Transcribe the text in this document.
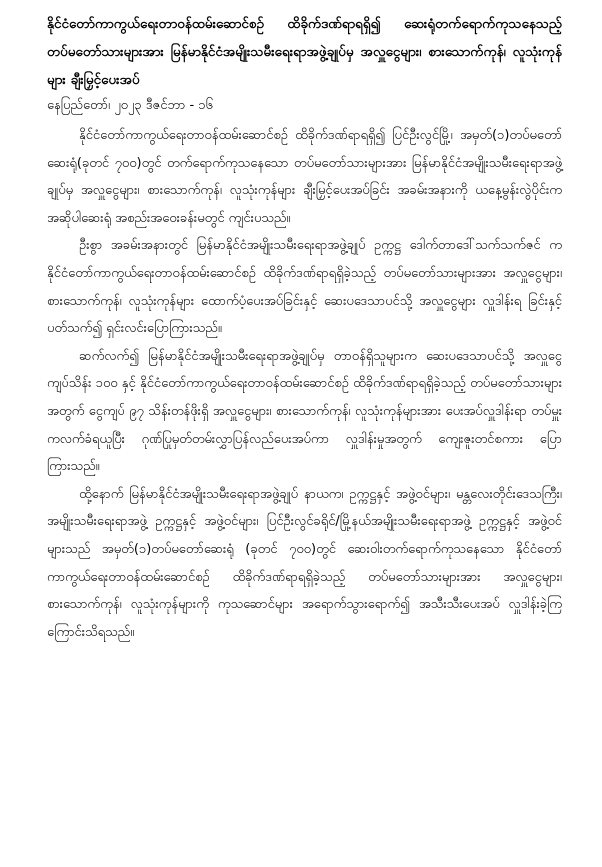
နိုင်ငံတော်ကာကွယ်ရေးတာဝန်ထမ်းဆောင်စဉ် ထိခိုက်ဒဏ်ရာရရှိ၍ ဆေးရုံတက်ရောက်ကုသနေသည့် တပ်မတော်သားများအား မြန်မာနိုင်ငံအမျိုးသမီးရေးရာအဖွဲ့ချုပ်မှ အလှူငွေများ၊ စားသောက်ကုန်၊ လူသုံးကုန်များ ချီးမြှင့်ပေးအပ်
နေပြည်တော်၊ ၂၀၂၃ ဒီဇင်ဘာ - ၁၆

နိုင်ငံတော်ကာကွယ်ရေးတာဝန်ထမ်းဆောင်စဉ် ထိခိုက်ဒဏ်ရာရရှိ၍ ပြင်ဦးလွင်မြို့၊ အမှတ်(၁)တပ်မတော်ဆေးရုံ(ခုတင် ၇၀၀)တွင် တက်ရောက်ကုသနေသော တပ်မတော်သားများအား မြန်မာနိုင်ငံအမျိုးသမီးရေးရာအဖွဲ့ချုပ်မှ အလှူငွေများ၊ စားသောက်ကုန်၊ လူသုံးကုန်များ ချီးမြှင့်ပေးအပ်ခြင်း အခမ်းအနားကို ယနေ့မွန်းလွဲပိုင်းက အဆိုပါဆေးရုံ အစည်းအဝေးခန်းမတွင် ကျင်းပသည်။

ဦးစွာ အခမ်းအနားတွင် မြန်မာနိုင်ငံအမျိုးသမီးရေးရာအဖွဲ့ချုပ် ဥက္ကဋ္ဌ ဒေါက်တာဒေါ်သက်သက်ဇင် က နိုင်ငံတော်ကာကွယ်ရေးတာဝန်ထမ်းဆောင်စဉ် ထိခိုက်ဒဏ်ရာရရှိခဲ့သည့် တပ်မတော်သားများအား အလှူငွေများ၊ စားသောက်ကုန်၊ လူသုံးကုန်များ ထောက်ပံ့ပေးအပ်ခြင်းနှင့် ဆေးပဒေသာပင်သို့ အလှူငွေများ လှူဒါန်းရ ခြင်းနှင့်ပတ်သက်၍ ရှင်းလင်းပြောကြားသည်။

ဆက်လက်၍ မြန်မာနိုင်ငံအမျိုးသမီးရေးရာအဖွဲ့ချုပ်မှ တာဝန်ရှိသူများက ဆေးပဒေသာပင်သို့ အလှူငွေကျပ်သိန်း ၁၀၀ နှင့် နိုင်ငံတော်ကာကွယ်ရေးတာဝန်ထမ်းဆောင်စဉ် ထိခိုက်ဒဏ်ရာရရှိခဲ့သည့် တပ်မတော်သားများအတွက် ငွေကျပ် ၉၇ သိန်းတန်ဖိုးရှိ အလှူငွေများ၊ စားသောက်ကုန်၊ လူသုံးကုန်များအား ပေးအပ်လှူဒါန်းရာ တပ်မှူးကလက်ခံရယူပြီး ဂုဏ်ပြုမှတ်တမ်းလွှာပြန်လည်ပေးအပ်ကာ လှူဒါန်းမှုအတွက် ကျေးဇူးတင်စကား ပြောကြားသည်။

ထို့နောက် မြန်မာနိုင်ငံအမျိုးသမီးရေးရာအဖွဲ့ချုပ် နာယက၊ ဥက္ကဋ္ဌနှင့် အဖွဲ့ဝင်များ၊ မန္တလေးတိုင်းဒေသကြီး၊ အမျိုးသမီးရေးရာအဖွဲ့ ဥက္ကဋ္ဌနှင့် အဖွဲ့ဝင်များ၊ ပြင်ဦးလွင်ခရိုင်/မြို့နယ်အမျိုးသမီးရေးရာအဖွဲ့ ဥက္ကဋ္ဌနှင့် အဖွဲ့ဝင်များသည် အမှတ်(၁)တပ်မတော်ဆေးရုံ (ခုတင် ၇၀၀)တွင် ဆေးဝါးတက်ရောက်ကုသနေသော နိုင်ငံတော်ကာကွယ်ရေးတာဝန်ထမ်းဆောင်စဉ် ထိခိုက်ဒဏ်ရာရရှိခဲ့သည့် တပ်မတော်သားများအား အလှူငွေများ၊ စားသောက်ကုန်၊ လူသုံးကုန်များကို ကုသဆောင်များ အရောက်သွားရောက်၍ အသီးသီးပေးအပ် လှူဒါန်းခဲ့ကြကြောင်းသိရသည်။
